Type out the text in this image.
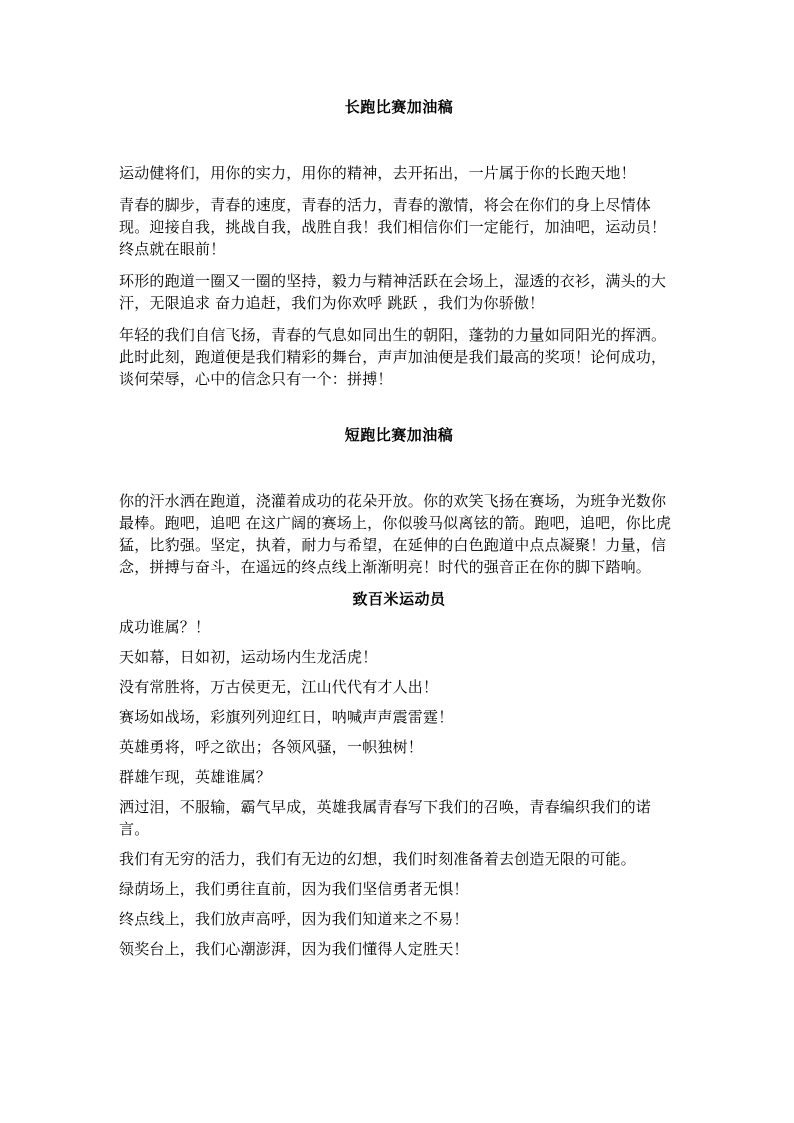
长跑比赛加油稿

运动健将们，用你的实力，用你的精神，去开拓出，一片属于你的长跑天地！

青春的脚步，青春的速度，青春的活力，青春的激情，将会在你们的身上尽情体现。迎接自我，挑战自我，战胜自我！我们相信你们一定能行，加油吧，运动员！终点就在眼前！

环形的跑道一圈又一圈的坚持，毅力与精神活跃在会场上，湿透的衣衫，满头的大汗，无限追求 奋力追赶，我们为你欢呼 跳跃 ，我们为你骄傲！

年轻的我们自信飞扬，青春的气息如同出生的朝阳，蓬勃的力量如同阳光的挥洒。此时此刻，跑道便是我们精彩的舞台，声声加油便是我们最高的奖项！论何成功，谈何荣辱，心中的信念只有一个：拼搏！

短跑比赛加油稿

你的汗水洒在跑道，浇灌着成功的花朵开放。你的欢笑飞扬在赛场，为班争光数你最棒。跑吧，追吧 在这广阔的赛场上，你似骏马似离铉的箭。跑吧，追吧，你比虎猛，比豹强。坚定，执着，耐力与希望，在延伸的白色跑道中点点凝聚！力量，信念，拼搏与奋斗，在遥远的终点线上渐渐明亮！时代的强音正在你的脚下踏响。

致百米运动员

成功谁属？！

天如幕，日如初，运动场内生龙活虎！

没有常胜将，万古侯更无，江山代代有才人出！

赛场如战场，彩旗列列迎红日，呐喊声声震雷霆！

英雄勇将，呼之欲出；各领风骚，一帜独树！

群雄乍现，英雄谁属？

洒过泪，不服输，霸气早成，英雄我属青春写下我们的召唤，青春编织我们的诺言。

我们有无穷的活力，我们有无边的幻想，我们时刻准备着去创造无限的可能。

绿荫场上，我们勇往直前，因为我们坚信勇者无惧！

终点线上，我们放声高呼，因为我们知道来之不易！

领奖台上，我们心潮澎湃，因为我们懂得人定胜天！
